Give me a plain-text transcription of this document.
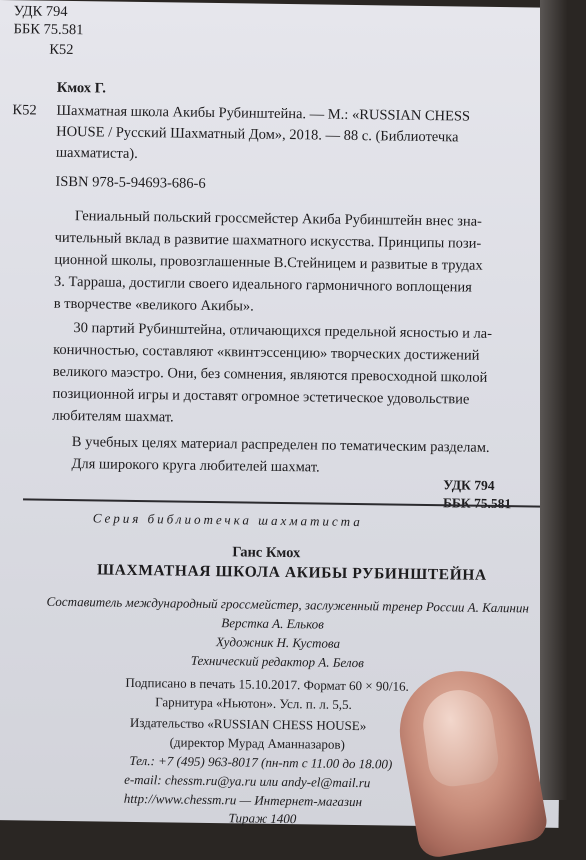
УДК 794
ББК 75.581
К52
Кмох Г.
К52 Шахматная школа Акибы Рубинштейна. — М.: «RUSSIAN CHESS
HOUSE / Русский Шахматный Дом», 2018. — 88 с. (Библиотечка
шахматиста).
ISBN 978-5-94693-686-6
Гениальный польский гроссмейстер Акиба Рубинштейн внес зна-
чительный вклад в развитие шахматного искусства. Принципы пози-
ционной школы, провозглашенные В.Стейницем и развитые в трудах
З. Тарраша, достигли своего идеального гармоничного воплощения
в творчестве «великого Акибы».
30 партий Рубинштейна, отличающихся предельной ясностью и ла-
коничностью, составляют «квинтэссенцию» творческих достижений
великого маэстро. Они, без сомнения, являются превосходной школой
позиционной игры и доставят огромное эстетическое удовольствие
любителям шахмат.
В учебных целях материал распределен по тематическим разделам.
Для широкого круга любителей шахмат.
УДК 794
ББК 75.581
Серия библиотечка шахматиста
Ганс Кмох
ШАХМАТНАЯ ШКОЛА АКИБЫ РУБИНШТЕЙНА
Составитель международный гроссмейстер, заслуженный тренер России А. Калинин
Верстка А. Ельков
Художник Н. Кустова
Технический редактор А. Белов
Подписано в печать 15.10.2017. Формат 60 × 90/16.
Гарнитура «Ньютон». Усл. п. л. 5,5.
Издательство «RUSSIAN CHESS HOUSE»
(директор Мурад Аманназаров)
Тел.: +7 (495) 963-8017 (пн-пт с 11.00 до 18.00)
e-mail: chessm.ru@ya.ru или andy-el@mail.ru
http://www.chessm.ru — Интернет-магазин
Тираж 1400
